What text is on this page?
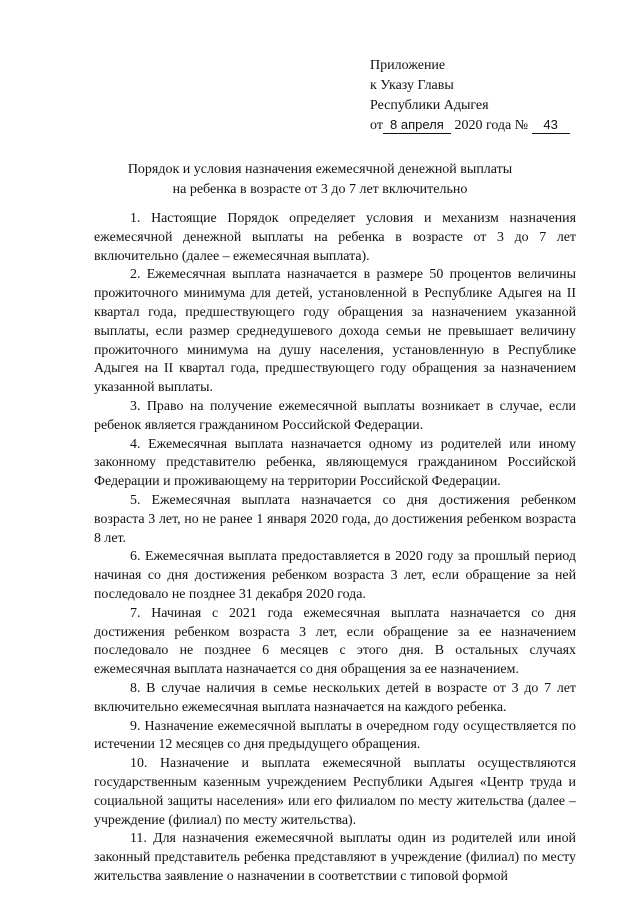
Приложение
к Указу Главы
Республики Адыгея
от 8 апреля 2020 года № 43
Порядок и условия назначения ежемесячной денежной выплаты
на ребенка в возрасте от 3 до 7 лет включительно

1. Настоящие Порядок определяет условия и механизм назначения ежемесячной денежной выплаты на ребенка в возрасте от 3 до 7 лет включительно (далее – ежемесячная выплата).

2. Ежемесячная выплата назначается в размере 50 процентов величины прожиточного минимума для детей, установленной в Республике Адыгея на II квартал года, предшествующего году обращения за назначением указанной выплаты, если размер среднедушевого дохода семьи не превышает величину прожиточного минимума на душу населения, установленную в Республике Адыгея на II квартал года, предшествующего году обращения за назначением указанной выплаты.

3. Право на получение ежемесячной выплаты возникает в случае, если ребенок является гражданином Российской Федерации.

4. Ежемесячная выплата назначается одному из родителей или иному законному представителю ребенка, являющемуся гражданином Российской Федерации и проживающему на территории Российской Федерации.

5. Ежемесячная выплата назначается со дня достижения ребенком возраста 3 лет, но не ранее 1 января 2020 года, до достижения ребенком возраста 8 лет.

6. Ежемесячная выплата предоставляется в 2020 году за прошлый период начиная со дня достижения ребенком возраста 3 лет, если обращение за ней последовало не позднее 31 декабря 2020 года.

7. Начиная с 2021 года ежемесячная выплата назначается со дня достижения ребенком возраста 3 лет, если обращение за ее назначением последовало не позднее 6 месяцев с этого дня. В остальных случаях ежемесячная выплата назначается со дня обращения за ее назначением.

8. В случае наличия в семье нескольких детей в возрасте от 3 до 7 лет включительно ежемесячная выплата назначается на каждого ребенка.

9. Назначение ежемесячной выплаты в очередном году осуществляется по истечении 12 месяцев со дня предыдущего обращения.

10. Назначение и выплата ежемесячной выплаты осуществляются государственным казенным учреждением Республики Адыгея «Центр труда и социальной защиты населения» или его филиалом по месту жительства (далее – учреждение (филиал) по месту жительства).

11. Для назначения ежемесячной выплаты один из родителей или иной законный представитель ребенка представляют в учреждение (филиал) по месту жительства заявление о назначении в соответствии с типовой формой
